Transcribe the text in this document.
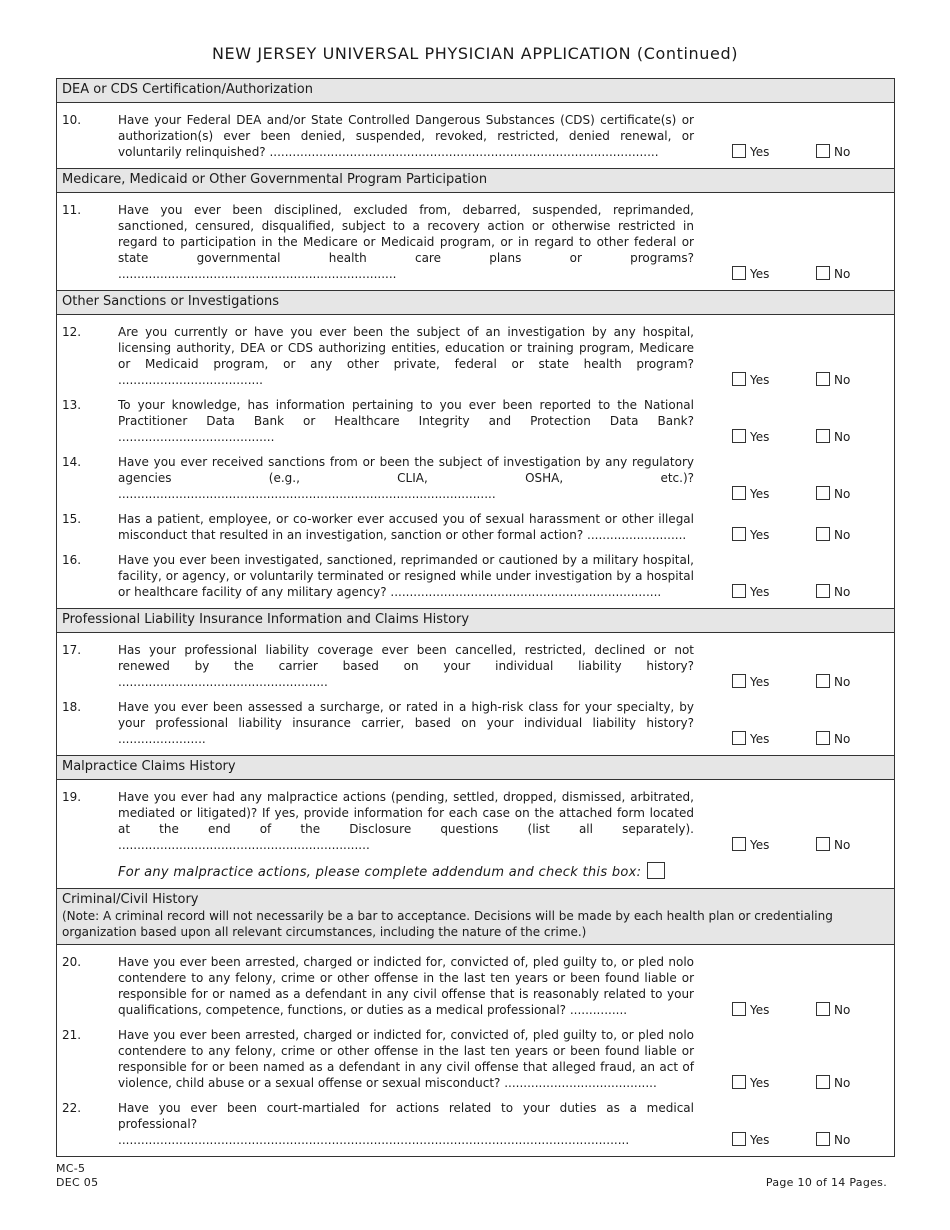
NEW JERSEY UNIVERSAL PHYSICIAN APPLICATION (Continued)
DEA or CDS Certification/Authorization
10.	Have your Federal DEA and/or State Controlled Dangerous Substances (CDS) certificate(s) or authorization(s) ever been denied, suspended, revoked, restricted, denied renewal, or voluntarily relinquished? ......................................................................................................	Yes	No
Medicare, Medicaid or Other Governmental Program Participation
11.	Have you ever been disciplined, excluded from, debarred, suspended, reprimanded, sanctioned, censured, disqualified, subject to a recovery action or otherwise restricted in regard to participation in the Medicare or Medicaid program, or in regard to other federal or state governmental health care plans or programs? .........................................................................	Yes	No
Other Sanctions or Investigations
12.	Are you currently or have you ever been the subject of an investigation by any hospital, licensing authority, DEA or CDS authorizing entities, education or training program, Medicare or Medicaid program, or any other private, federal or state health program? ......................................	Yes	No
13.	To your knowledge, has information pertaining to you ever been reported to the National Practitioner Data Bank or Healthcare Integrity and Protection Data Bank? .........................................	Yes	No
14.	Have you ever received sanctions from or been the subject of investigation by any regulatory agencies (e.g., CLIA, OSHA, etc.)? ...................................................................................................	Yes	No
15.	Has a patient, employee, or co-worker ever accused you of sexual harassment or other illegal misconduct that resulted in an investigation, sanction or other formal action? ..........................	Yes	No
16.	Have you ever been investigated, sanctioned, reprimanded or cautioned by a military hospital, facility, or agency, or voluntarily terminated or resigned while under investigation by a hospital or healthcare facility of any military agency? .......................................................................	Yes	No
Professional Liability Insurance Information and Claims History
17.	Has your professional liability coverage ever been cancelled, restricted, declined or not renewed by the carrier based on your individual liability history? .......................................................	Yes	No
18.	Have you ever been assessed a surcharge, or rated in a high-risk class for your specialty, by your professional liability insurance carrier, based on your individual liability history? .......................	Yes	No
Malpractice Claims History
19.	Have you ever had any malpractice actions (pending, settled, dropped, dismissed, arbitrated, mediated or litigated)? If yes, provide information for each case on the attached form located at the end of the Disclosure questions (list all separately). ..................................................................	Yes	No
For any malpractice actions, please complete addendum and check this box:
Criminal/Civil History
(Note: A criminal record will not necessarily be a bar to acceptance. Decisions will be made by each health plan or credentialing organization based upon all relevant circumstances, including the nature of the crime.)
20.	Have you ever been arrested, charged or indicted for, convicted of, pled guilty to, or pled nolo contendere to any felony, crime or other offense in the last ten years or been found liable or responsible for or named as a defendant in any civil offense that is reasonably related to your qualifications, competence, functions, or duties as a medical professional? ...............	Yes	No
21.	Have you ever been arrested, charged or indicted for, convicted of, pled guilty to, or pled nolo contendere to any felony, crime or other offense in the last ten years or been found liable or responsible for or been named as a defendant in any civil offense that alleged fraud, an act of violence, child abuse or a sexual offense or sexual misconduct? ........................................	Yes	No
22.	Have you ever been court-martialed for actions related to your duties as a medical professional? ......................................................................................................................................	Yes	No
MC-5
DEC 05	Page 10 of 14 Pages.
